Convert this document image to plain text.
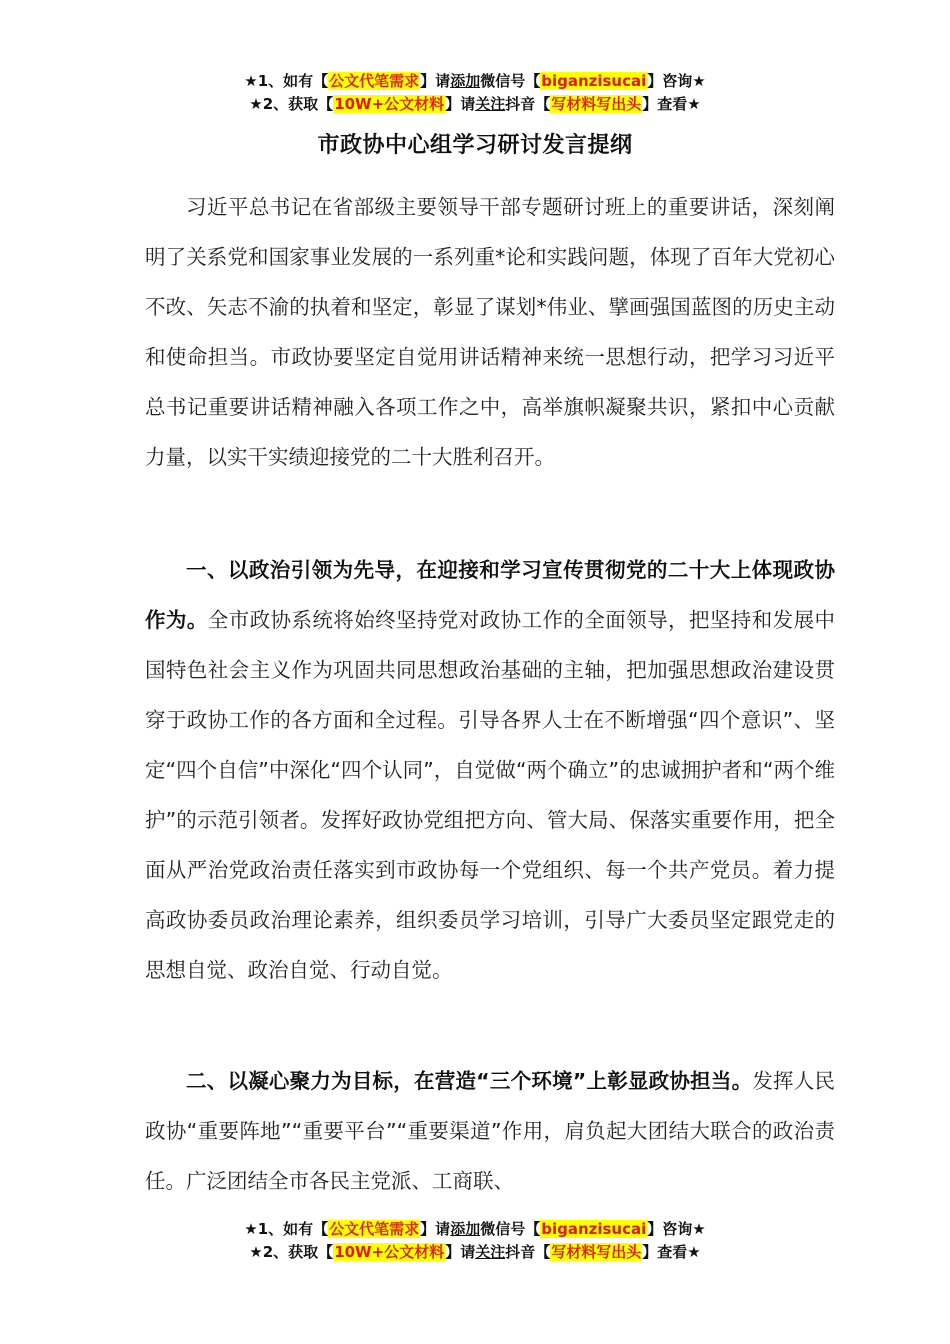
★1、如有【公文代笔需求】请添加微信号【biganzisucai】咨询★
★2、获取【10W+公文材料】请关注抖音【写材料写出头】查看★
市政协中心组学习研讨发言提纲

习近平总书记在省部级主要领导干部专题研讨班上的重要讲话，深刻阐明了关系党和国家事业发展的一系列重*论和实践问题，体现了百年大党初心不改、矢志不渝的执着和坚定，彰显了谋划*伟业、擘画强国蓝图的历史主动和使命担当。市政协要坚定自觉用讲话精神来统一思想行动，把学习习近平总书记重要讲话精神融入各项工作之中，高举旗帜凝聚共识，紧扣中心贡献力量，以实干实绩迎接党的二十大胜利召开。

一、以政治引领为先导，在迎接和学习宣传贯彻党的二十大上体现政协作为。全市政协系统将始终坚持党对政协工作的全面领导，把坚持和发展中国特色社会主义作为巩固共同思想政治基础的主轴，把加强思想政治建设贯穿于政协工作的各方面和全过程。引导各界人士在不断增强“四个意识”、坚定“四个自信”中深化“四个认同”，自觉做“两个确立”的忠诚拥护者和“两个维护”的示范引领者。发挥好政协党组把方向、管大局、保落实重要作用，把全面从严治党政治责任落实到市政协每一个党组织、每一个共产党员。着力提高政协委员政治理论素养，组织委员学习培训，引导广大委员坚定跟党走的思想自觉、政治自觉、行动自觉。

二、以凝心聚力为目标，在营造“三个环境”上彰显政协担当。发挥人民政协“重要阵地”“重要平台”“重要渠道”作用，肩负起大团结大联合的政治责任。广泛团结全市各民主党派、工商联、

★1、如有【公文代笔需求】请添加微信号【biganzisucai】咨询★
★2、获取【10W+公文材料】请关注抖音【写材料写出头】查看★
